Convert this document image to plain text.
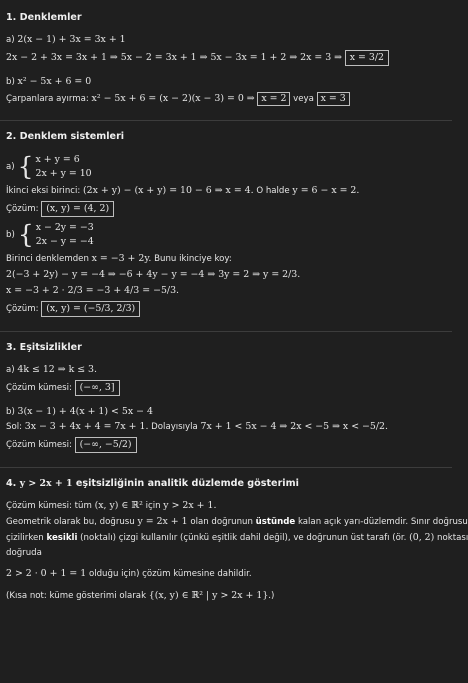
1. Denklemler
a) 2(x − 1) + 3x = 3x + 1
2x − 2 + 3x = 3x + 1 ⇒ 5x − 2 = 3x + 1 ⇒ 5x − 3x = 1 + 2 ⇒ 2x = 3 ⇒ x = 3/2
b) x² − 5x + 6 = 0
Çarpanlara ayırma: x² − 5x + 6 = (x − 2)(x − 3) = 0 ⇒ x = 2 veya x = 3
2. Denklem sistemleri
a) { x + y = 6
2x + y = 10
İkinci eksi birinci: (2x + y) − (x + y) = 10 − 6 ⇒ x = 4. O halde y = 6 − x = 2.
Çözüm: (x, y) = (4, 2)
b) { x − 2y = −3
2x − y = −4
Birinci denklemden x = −3 + 2y. Bunu ikinciye koy:
2(−3 + 2y) − y = −4 ⇒ −6 + 4y − y = −4 ⇒ 3y = 2 ⇒ y = 2/3.
x = −3 + 2 · 2/3 = −3 + 4/3 = −5/3.
Çözüm: (x, y) = (−5/3, 2/3)
3. Eşitsizlikler
a) 4k ≤ 12 ⇒ k ≤ 3.
Çözüm kümesi: (−∞, 3]
b) 3(x − 1) + 4(x + 1) < 5x − 4
Sol: 3x − 3 + 4x + 4 = 7x + 1. Dolayısıyla 7x + 1 < 5x − 4 ⇒ 2x < −5 ⇒ x < −5/2.
Çözüm kümesi: (−∞, −5/2)
4. y > 2x + 1 eşitsizliğinin analitik düzlemde gösterimi
Çözüm kümesi: tüm (x, y) ∈ ℝ² için y > 2x + 1.
Geometrik olarak bu, doğrusu y = 2x + 1 olan doğrunun üstünde kalan açık yarı-düzlemdir. Sınır doğrusu
çizilirken kesikli (noktalı) çizgi kullanılır (çünkü eşitlik dahil değil), ve doğrunun üst tarafı (ör. (0, 2) noktası
doğruda
2 > 2 · 0 + 1 = 1 olduğu için) çözüm kümesine dahildir.
(Kısa not: küme gösterimi olarak {(x, y) ∈ ℝ² | y > 2x + 1}.)
